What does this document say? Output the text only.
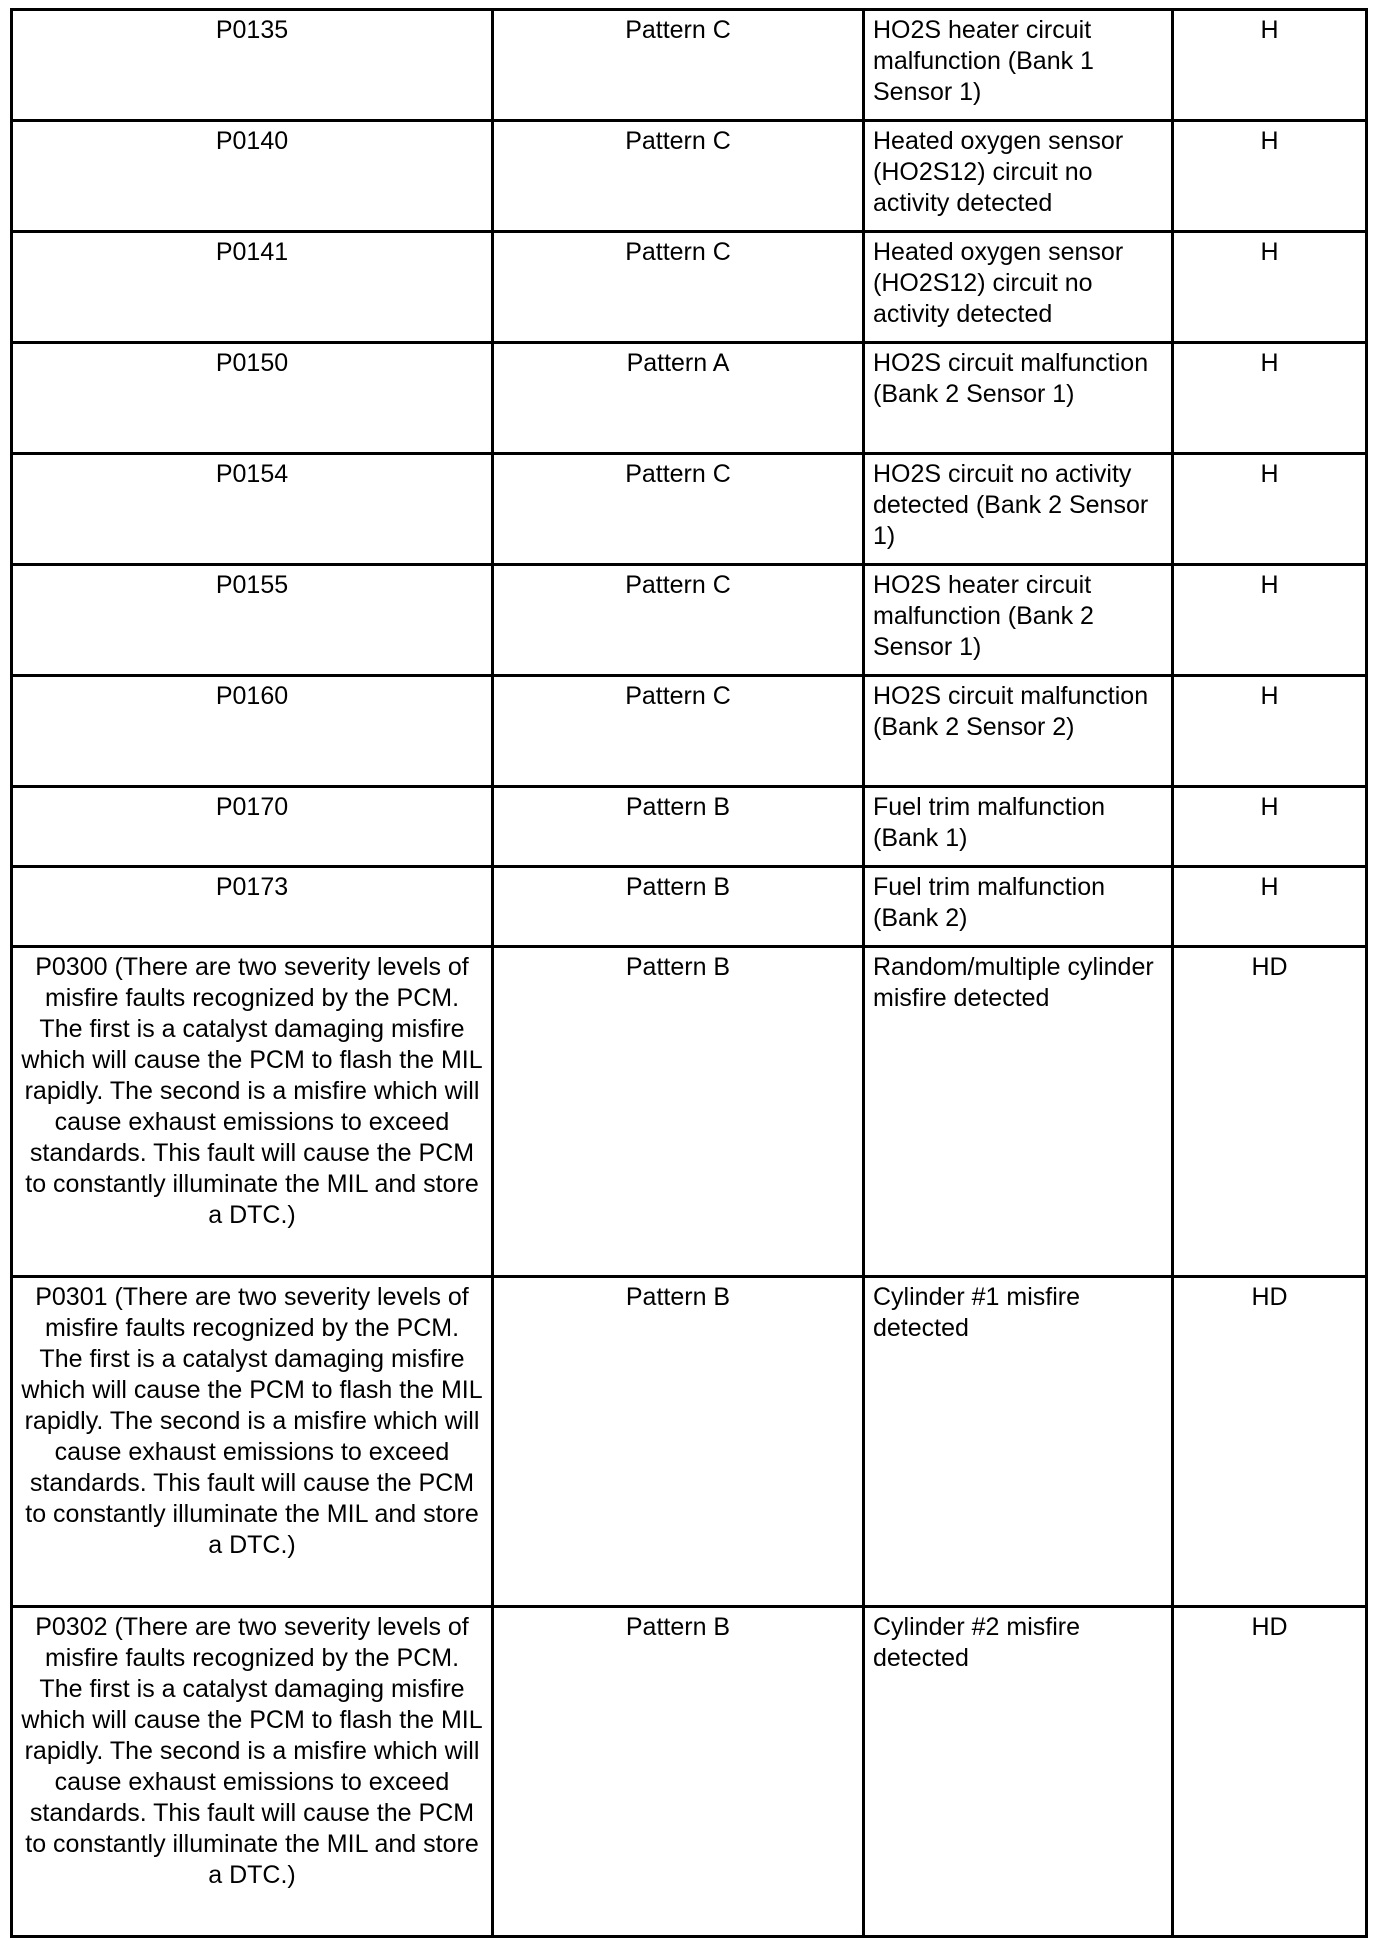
P0135	Pattern C	HO2S heater circuit malfunction (Bank 1 Sensor 1)	H
P0140	Pattern C	Heated oxygen sensor (HO2S12) circuit no activity detected	H
P0141	Pattern C	Heated oxygen sensor (HO2S12) circuit no activity detected	H
P0150	Pattern A	HO2S circuit malfunction (Bank 2 Sensor 1)	H
P0154	Pattern C	HO2S circuit no activity detected (Bank 2 Sensor 1)	H
P0155	Pattern C	HO2S heater circuit malfunction (Bank 2 Sensor 1)	H
P0160	Pattern C	HO2S circuit malfunction (Bank 2 Sensor 2)	H
P0170	Pattern B	Fuel trim malfunction (Bank 1)	H
P0173	Pattern B	Fuel trim malfunction (Bank 2)	H
P0300 (There are two severity levels of misfire faults recognized by the PCM. The first is a catalyst damaging misfire which will cause the PCM to flash the MIL rapidly. The second is a misfire which will cause exhaust emissions to exceed standards. This fault will cause the PCM to constantly illuminate the MIL and store a DTC.)	Pattern B	Random/multiple cylinder misfire detected	HD
P0301 (There are two severity levels of misfire faults recognized by the PCM. The first is a catalyst damaging misfire which will cause the PCM to flash the MIL rapidly. The second is a misfire which will cause exhaust emissions to exceed standards. This fault will cause the PCM to constantly illuminate the MIL and store a DTC.)	Pattern B	Cylinder #1 misfire detected	HD
P0302 (There are two severity levels of misfire faults recognized by the PCM. The first is a catalyst damaging misfire which will cause the PCM to flash the MIL rapidly. The second is a misfire which will cause exhaust emissions to exceed standards. This fault will cause the PCM to constantly illuminate the MIL and store a DTC.)	Pattern B	Cylinder #2 misfire detected	HD
